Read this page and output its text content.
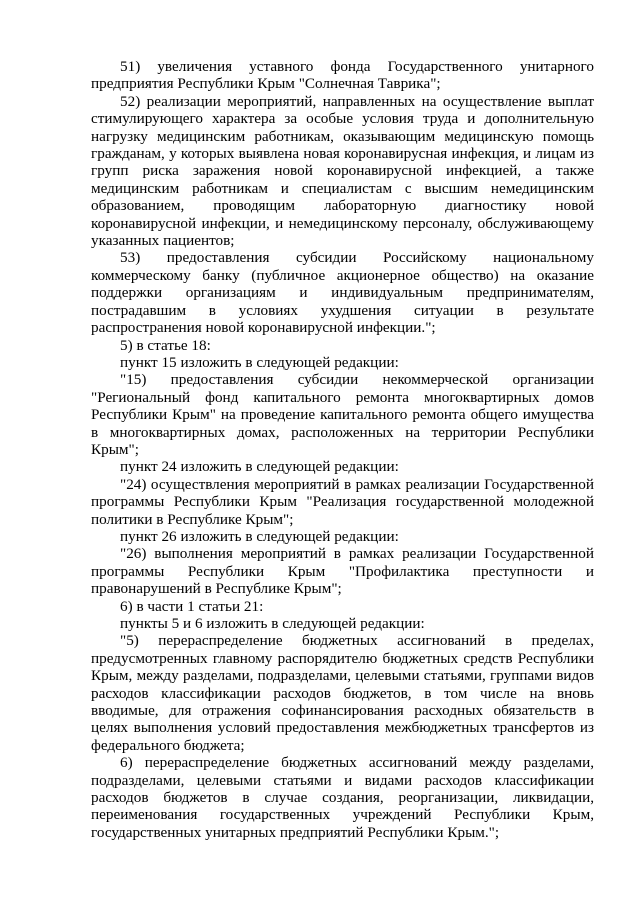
51) увеличения уставного фонда Государственного унитарного предприятия Республики Крым "Солнечная Таврика";

52) реализации мероприятий, направленных на осуществление выплат стимулирующего характера за особые условия труда и дополнительную нагрузку медицинским работникам, оказывающим медицинскую помощь гражданам, у которых выявлена новая коронавирусная инфекция, и лицам из групп риска заражения новой коронавирусной инфекцией, а также медицинским работникам и специалистам с высшим немедицинским образованием, проводящим лабораторную диагностику новой коронавирусной инфекции, и немедицинскому персоналу, обслуживающему указанных пациентов;

53) предоставления субсидии Российскому национальному коммерческому банку (публичное акционерное общество) на оказание поддержки организациям и индивидуальным предпринимателям, пострадавшим в условиях ухудшения ситуации в результате распространения новой коронавирусной инфекции.";

5) в статье 18:

пункт 15 изложить в следующей редакции:

"15) предоставления субсидии некоммерческой организации "Региональный фонд капитального ремонта многоквартирных домов Республики Крым" на проведение капитального ремонта общего имущества в многоквартирных домах, расположенных на территории Республики Крым";

пункт 24 изложить в следующей редакции:

"24) осуществления мероприятий в рамках реализации Государственной программы Республики Крым "Реализация государственной молодежной политики в Республике Крым";

пункт 26 изложить в следующей редакции:

"26) выполнения мероприятий в рамках реализации Государственной программы Республики Крым "Профилактика преступности и правонарушений в Республике Крым";

6) в части 1 статьи 21:

пункты 5 и 6 изложить в следующей редакции:

"5) перераспределение бюджетных ассигнований в пределах, предусмотренных главному распорядителю бюджетных средств Республики Крым, между разделами, подразделами, целевыми статьями, группами видов расходов классификации расходов бюджетов, в том числе на вновь вводимые, для отражения софинансирования расходных обязательств в целях выполнения условий предоставления межбюджетных трансфертов из федерального бюджета;

6) перераспределение бюджетных ассигнований между разделами, подразделами, целевыми статьями и видами расходов классификации расходов бюджетов в случае создания, реорганизации, ликвидации, переименования государственных учреждений Республики Крым, государственных унитарных предприятий Республики Крым.";
